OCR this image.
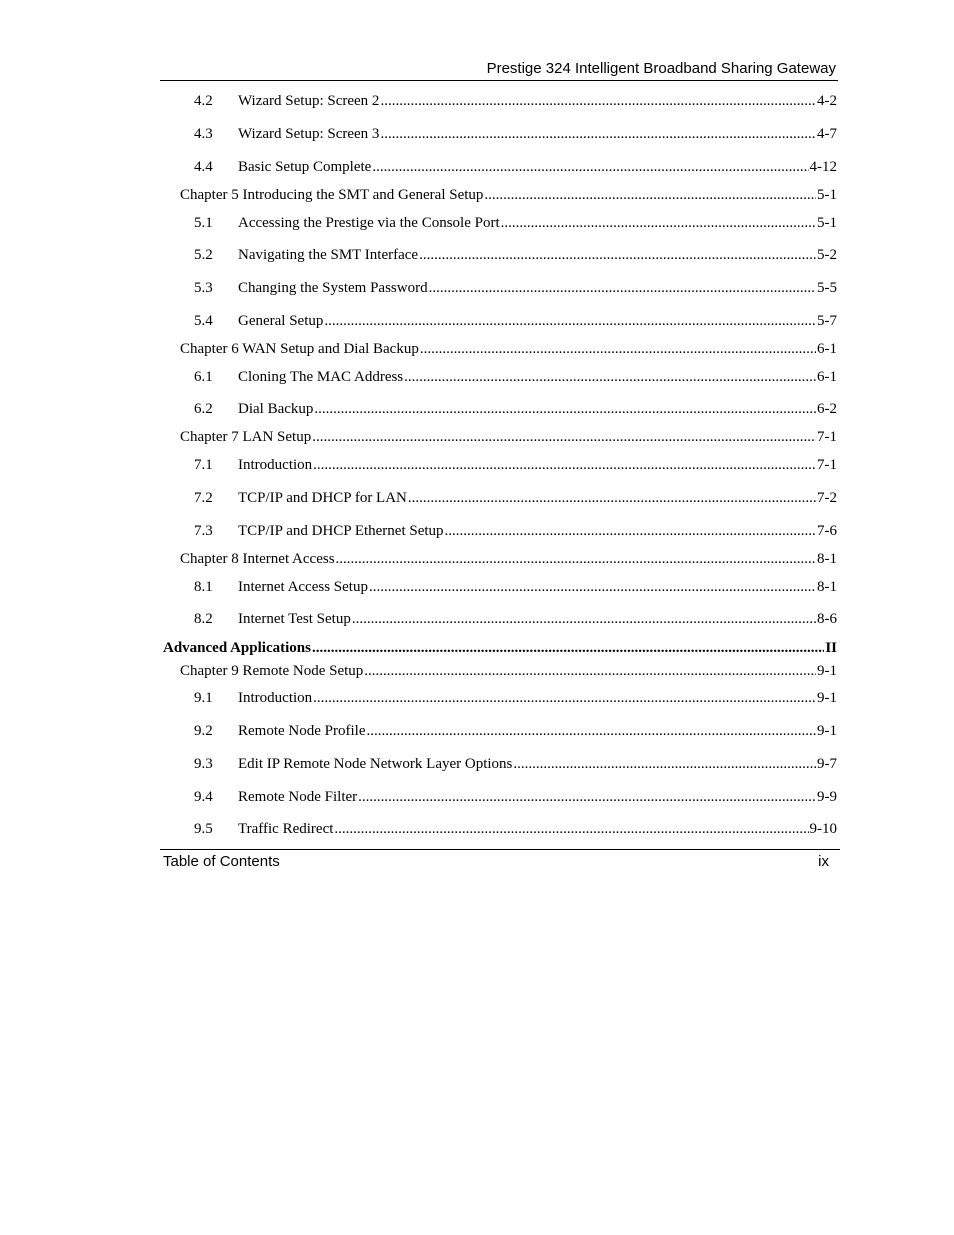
Prestige 324 Intelligent Broadband Sharing Gateway
4.2	Wizard Setup: Screen 2 .....	4-2
4.3	Wizard Setup: Screen 3 .....	4-7
4.4	Basic Setup Complete .....	4-12
Chapter 5 Introducing the SMT and General Setup .....	5-1
5.1	Accessing the Prestige via the Console Port .....	5-1
5.2	Navigating the SMT Interface .....	5-2
5.3	Changing the System Password .....	5-5
5.4	General Setup .....	5-7
Chapter 6 WAN Setup and Dial Backup .....	6-1
6.1	Cloning The MAC Address .....	6-1
6.2	Dial Backup .....	6-2
Chapter 7 LAN Setup .....	7-1
7.1	Introduction .....	7-1
7.2	TCP/IP and DHCP for LAN .....	7-2
7.3	TCP/IP and DHCP Ethernet Setup .....	7-6
Chapter 8 Internet Access .....	8-1
8.1	Internet Access Setup .....	8-1
8.2	Internet Test Setup .....	8-6
Advanced Applications .....	II
Chapter 9 Remote Node Setup .....	9-1
9.1	Introduction .....	9-1
9.2	Remote Node Profile .....	9-1
9.3	Edit IP Remote Node Network Layer Options .....	9-7
9.4	Remote Node Filter .....	9-9
9.5	Traffic Redirect .....	9-10
Table of Contents	ix
